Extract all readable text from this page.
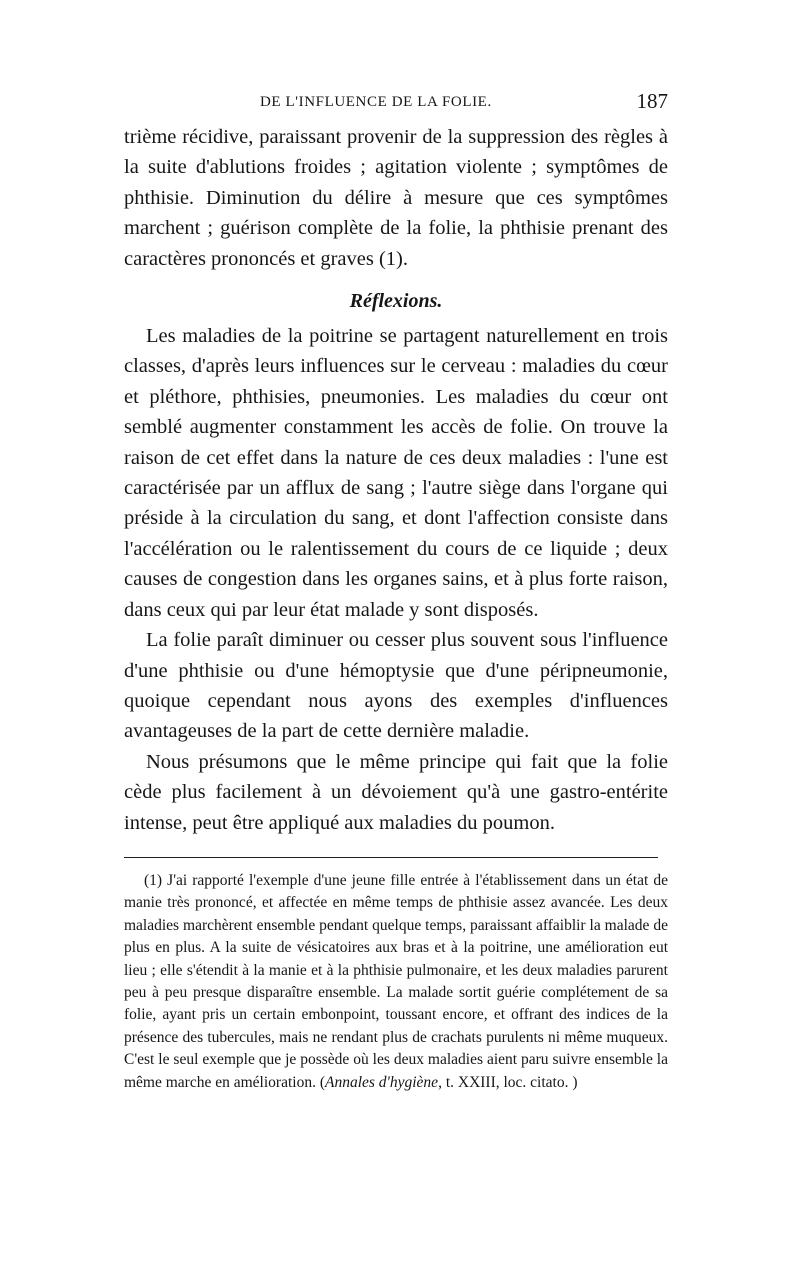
DE L'INFLUENCE DE LA FOLIE.	187

trième récidive, paraissant provenir de la suppression des règles à la suite d'ablutions froides ; agitation violente ; symptômes de phthisie. Diminution du délire à mesure que ces symptômes marchent ; guérison complète de la folie, la phthisie prenant des caractères prononcés et graves (1).

Réflexions.

Les maladies de la poitrine se partagent naturellement en trois classes, d'après leurs influences sur le cerveau : maladies du cœur et pléthore, phthisies, pneumonies. Les maladies du cœur ont semblé augmenter constamment les accès de folie. On trouve la raison de cet effet dans la nature de ces deux maladies : l'une est caractérisée par un afflux de sang ; l'autre siège dans l'organe qui préside à la circulation du sang, et dont l'affection consiste dans l'accélération ou le ralentissement du cours de ce liquide ; deux causes de congestion dans les organes sains, et à plus forte raison, dans ceux qui par leur état malade y sont disposés.

La folie paraît diminuer ou cesser plus souvent sous l'influence d'une phthisie ou d'une hémoptysie que d'une péripneumonie, quoique cependant nous ayons des exemples d'influences avantageuses de la part de cette dernière maladie.

Nous présumons que le même principe qui fait que la folie cède plus facilement à un dévoiement qu'à une gastro-entérite intense, peut être appliqué aux maladies du poumon.

(1) J'ai rapporté l'exemple d'une jeune fille entrée à l'établissement dans un état de manie très prononcé, et affectée en même temps de phthisie assez avancée. Les deux maladies marchèrent ensemble pendant quelque temps, paraissant affaiblir la malade de plus en plus. A la suite de vésicatoires aux bras et à la poitrine, une amélioration eut lieu ; elle s'étendit à la manie et à la phthisie pulmonaire, et les deux maladies parurent peu à peu presque disparaître ensemble. La malade sortit guérie complétement de sa folie, ayant pris un certain embonpoint, toussant encore, et offrant des indices de la présence des tubercules, mais ne rendant plus de crachats purulents ni même muqueux. C'est le seul exemple que je possède où les deux maladies aient paru suivre ensemble la même marche en amélioration. (Annales d'hygiène, t. XXIII, loc. citato. )
